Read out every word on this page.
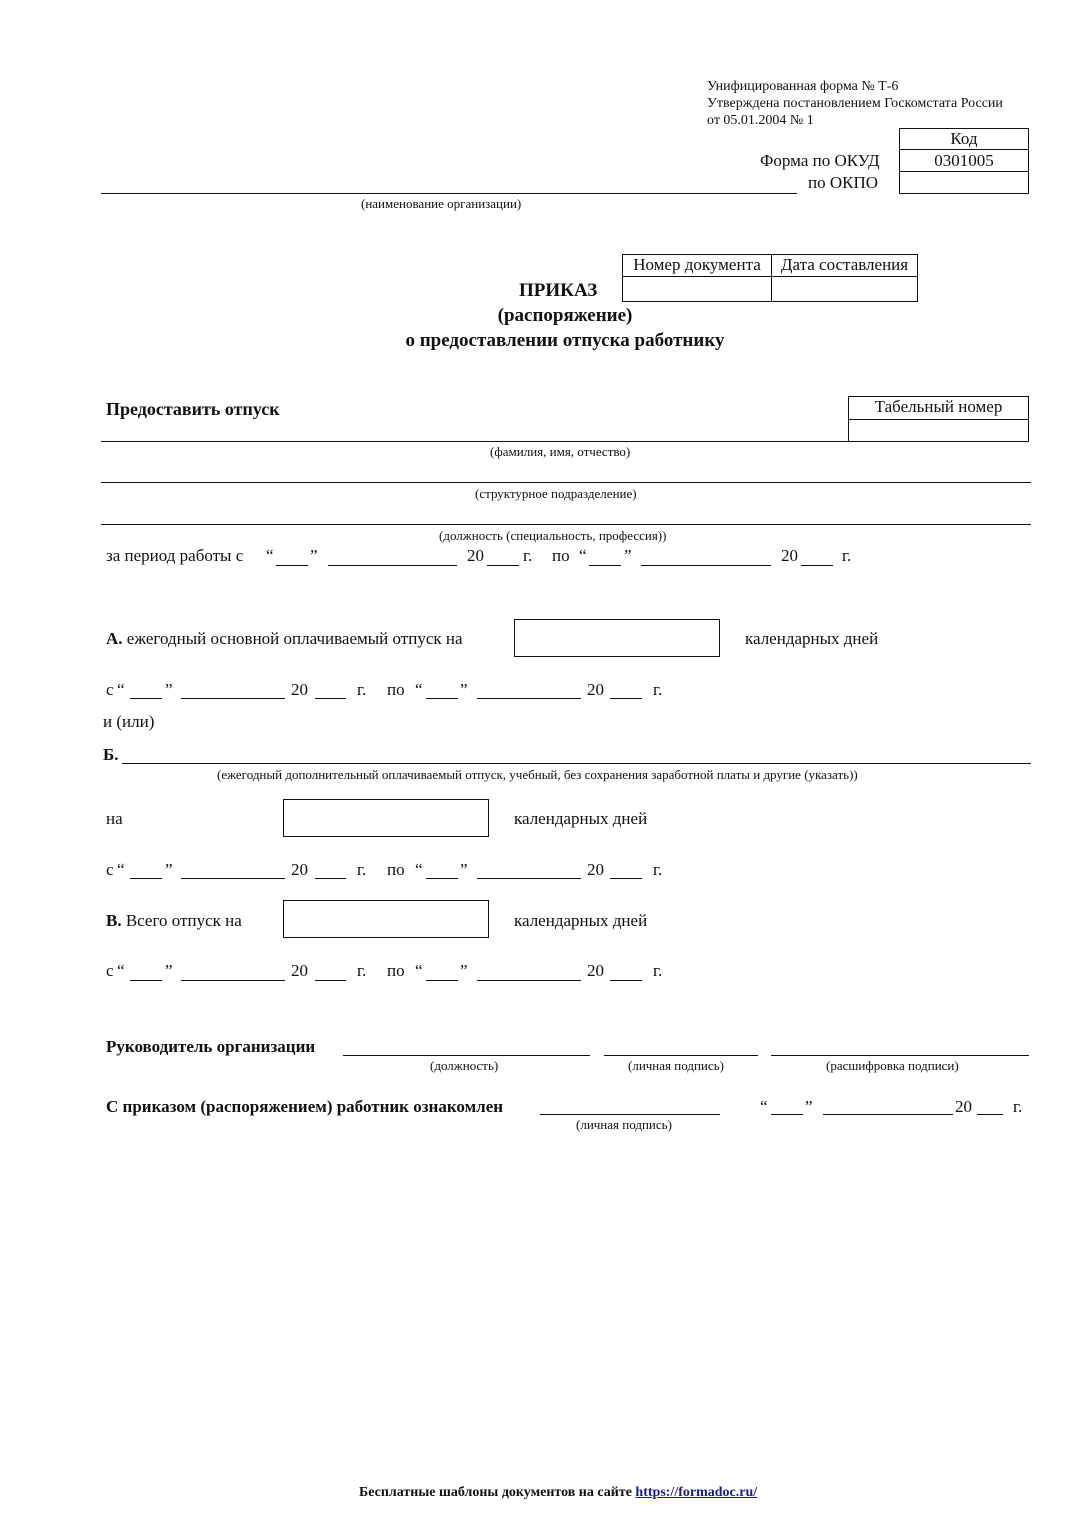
Унифицированная форма № Т-6
Утверждена постановлением Госкомстата России
от 05.01.2004 № 1
Код
0301005
Форма по ОКУД
по ОКПО
(наименование организации)
Номер документа	Дата составления
ПРИКАЗ
(распоряжение)
о предоставлении отпуска работнику
Предоставить отпуск	Табельный номер
(фамилия, имя, отчество)
(структурное подразделение)
(должность (специальность, профессия))
за период работы с “ ”	20 г. по “ ”	20	г.
А. ежегодный основной оплачиваемый отпуск на	календарных дней
с “ ”	20	г. по “ ”	20	г.
и (или)
Б.
(ежегодный дополнительный оплачиваемый отпуск, учебный, без сохранения заработной платы и другие (указать))
на	календарных дней
с “ ”	20	г. по “ ”	20	г.
В. Всего отпуск на	календарных дней
с “ ”	20	г. по “ ”	20	г.
Руководитель организации
(должность)	(личная подпись)	(расшифровка подписи)
С приказом (распоряжением) работник ознакомлен
(личная подпись)
“ ”	20 г.
Бесплатные шаблоны документов на сайте https://formadoc.ru/
